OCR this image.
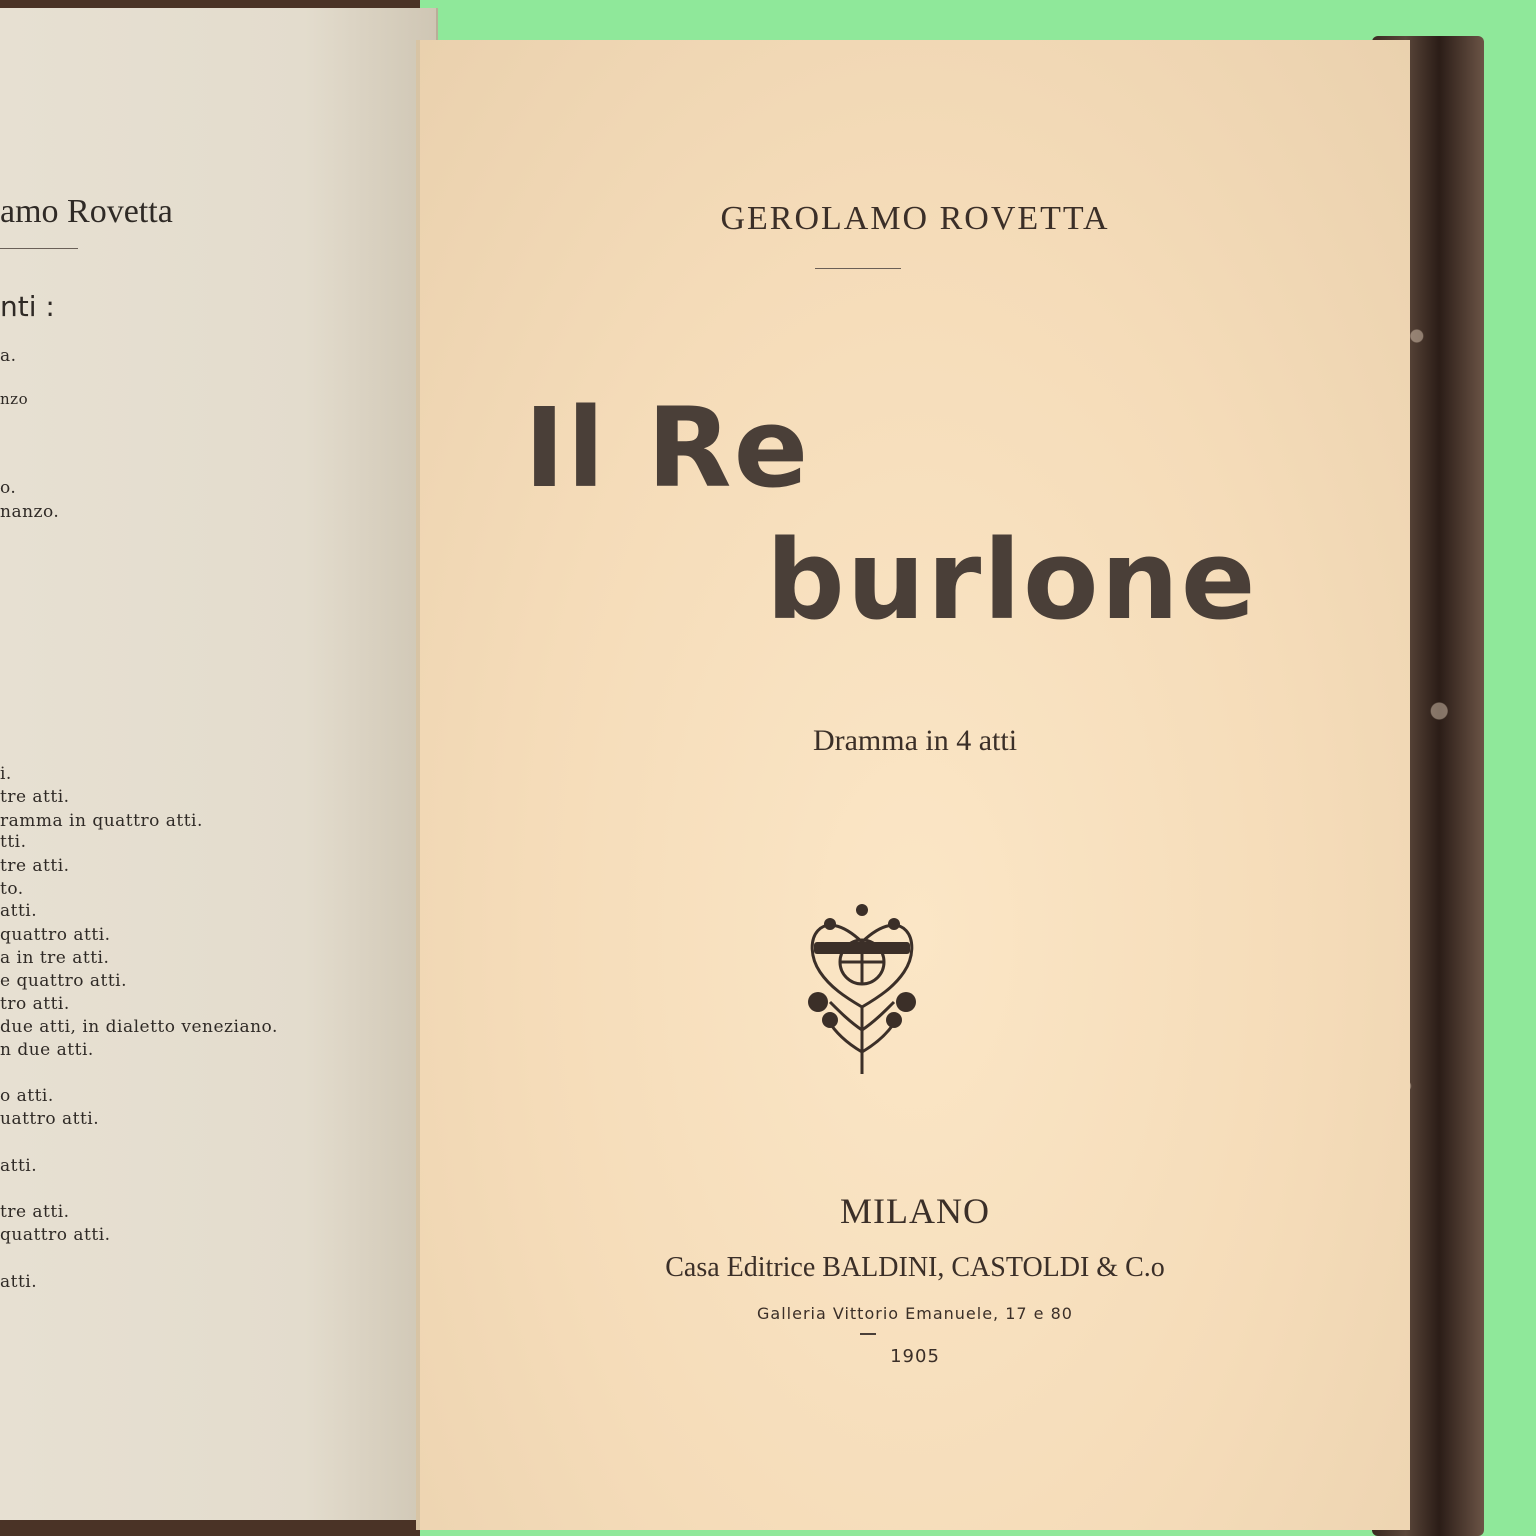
amo Rovetta
nti :
a.
nzo
o.
nanzo.
i.
tre atti.
ramma in quattro atti.
tti.
tre atti.
to.
atti.
quattro atti.
a in tre atti.
e quattro atti.
tro atti.
due atti, in dialetto veneziano.
n due atti.
o atti.
uattro atti.
atti.
tre atti.
quattro atti.
atti.
GEROLAMO ROVETTA
Il Re
burlone
Dramma in 4 atti
MILANO
Casa Editrice BALDINI, CASTOLDI & C.o
Galleria Vittorio Emanuele, 17 e 80
1905
